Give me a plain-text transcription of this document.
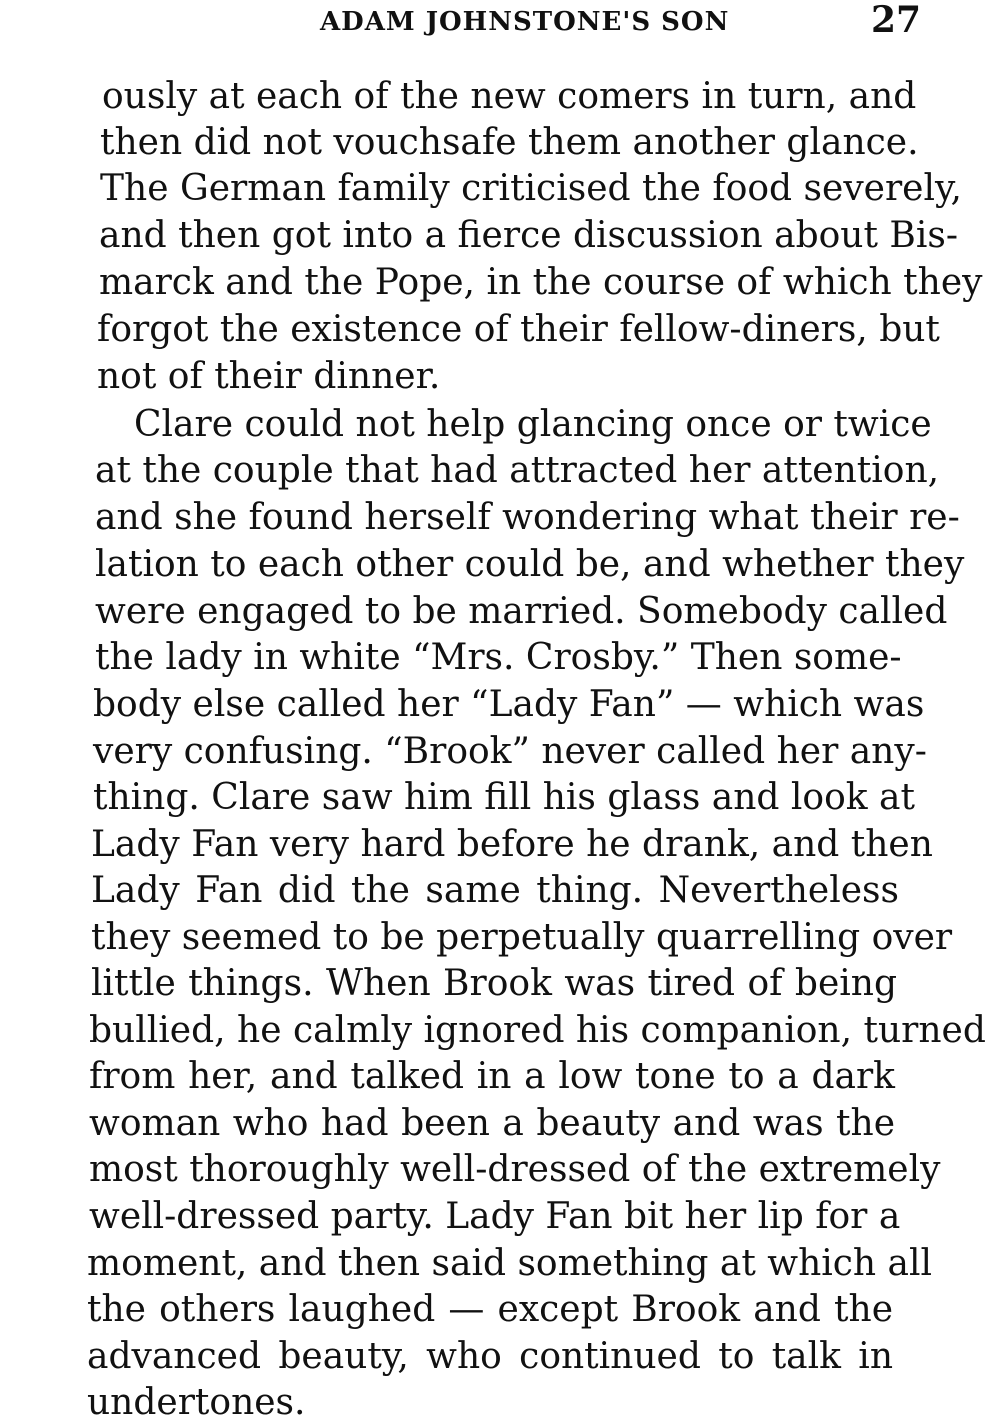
ADAM JOHNSTONE'S SON	27
ously at each of the new comers in turn, and
then did not vouchsafe them another glance.
The German family criticised the food severely,
and then got into a fierce discussion about Bis-
marck and the Pope, in the course of which they
forgot the existence of their fellow-diners, but
not of their dinner.
Clare could not help glancing once or twice
at the couple that had attracted her attention,
and she found herself wondering what their re-
lation to each other could be, and whether they
were engaged to be married. Somebody called
the lady in white “Mrs. Crosby.” Then some-
body else called her “Lady Fan” — which was
very confusing. “Brook” never called her any-
thing. Clare saw him fill his glass and look at
Lady Fan very hard before he drank, and then
Lady Fan did the same thing. Nevertheless
they seemed to be perpetually quarrelling over
little things. When Brook was tired of being
bullied, he calmly ignored his companion, turned
from her, and talked in a low tone to a dark
woman who had been a beauty and was the
most thoroughly well-dressed of the extremely
well-dressed party. Lady Fan bit her lip for a
moment, and then said something at which all
the others laughed — except Brook and the
advanced beauty, who continued to talk in
undertones.
